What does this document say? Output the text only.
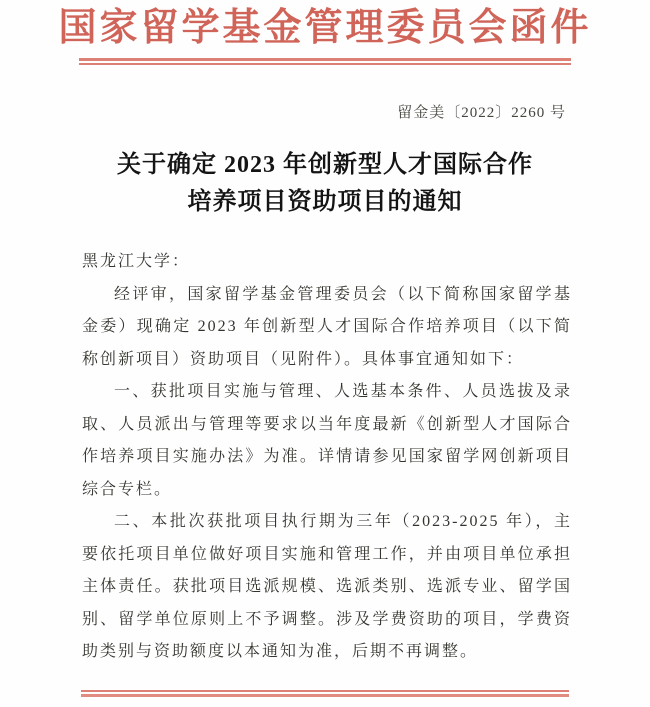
国家留学基金管理委员会函件
留金美〔2022〕2260 号
关于确定 2023 年创新型人才国际合作
培养项目资助项目的通知

黑龙江大学：

经评审，国家留学基金管理委员会（以下简称国家留学基金委）现确定 2023 年创新型人才国际合作培养项目（以下简称创新项目）资助项目（见附件）。具体事宜通知如下：

一、获批项目实施与管理、人选基本条件、人员选拔及录取、人员派出与管理等要求以当年度最新《创新型人才国际合作培养项目实施办法》为准。详情请参见国家留学网创新项目综合专栏。

二、本批次获批项目执行期为三年（2023-2025 年），主要依托项目单位做好项目实施和管理工作，并由项目单位承担主体责任。获批项目选派规模、选派类别、选派专业、留学国别、留学单位原则上不予调整。涉及学费资助的项目，学费资助类别与资助额度以本通知为准，后期不再调整。
